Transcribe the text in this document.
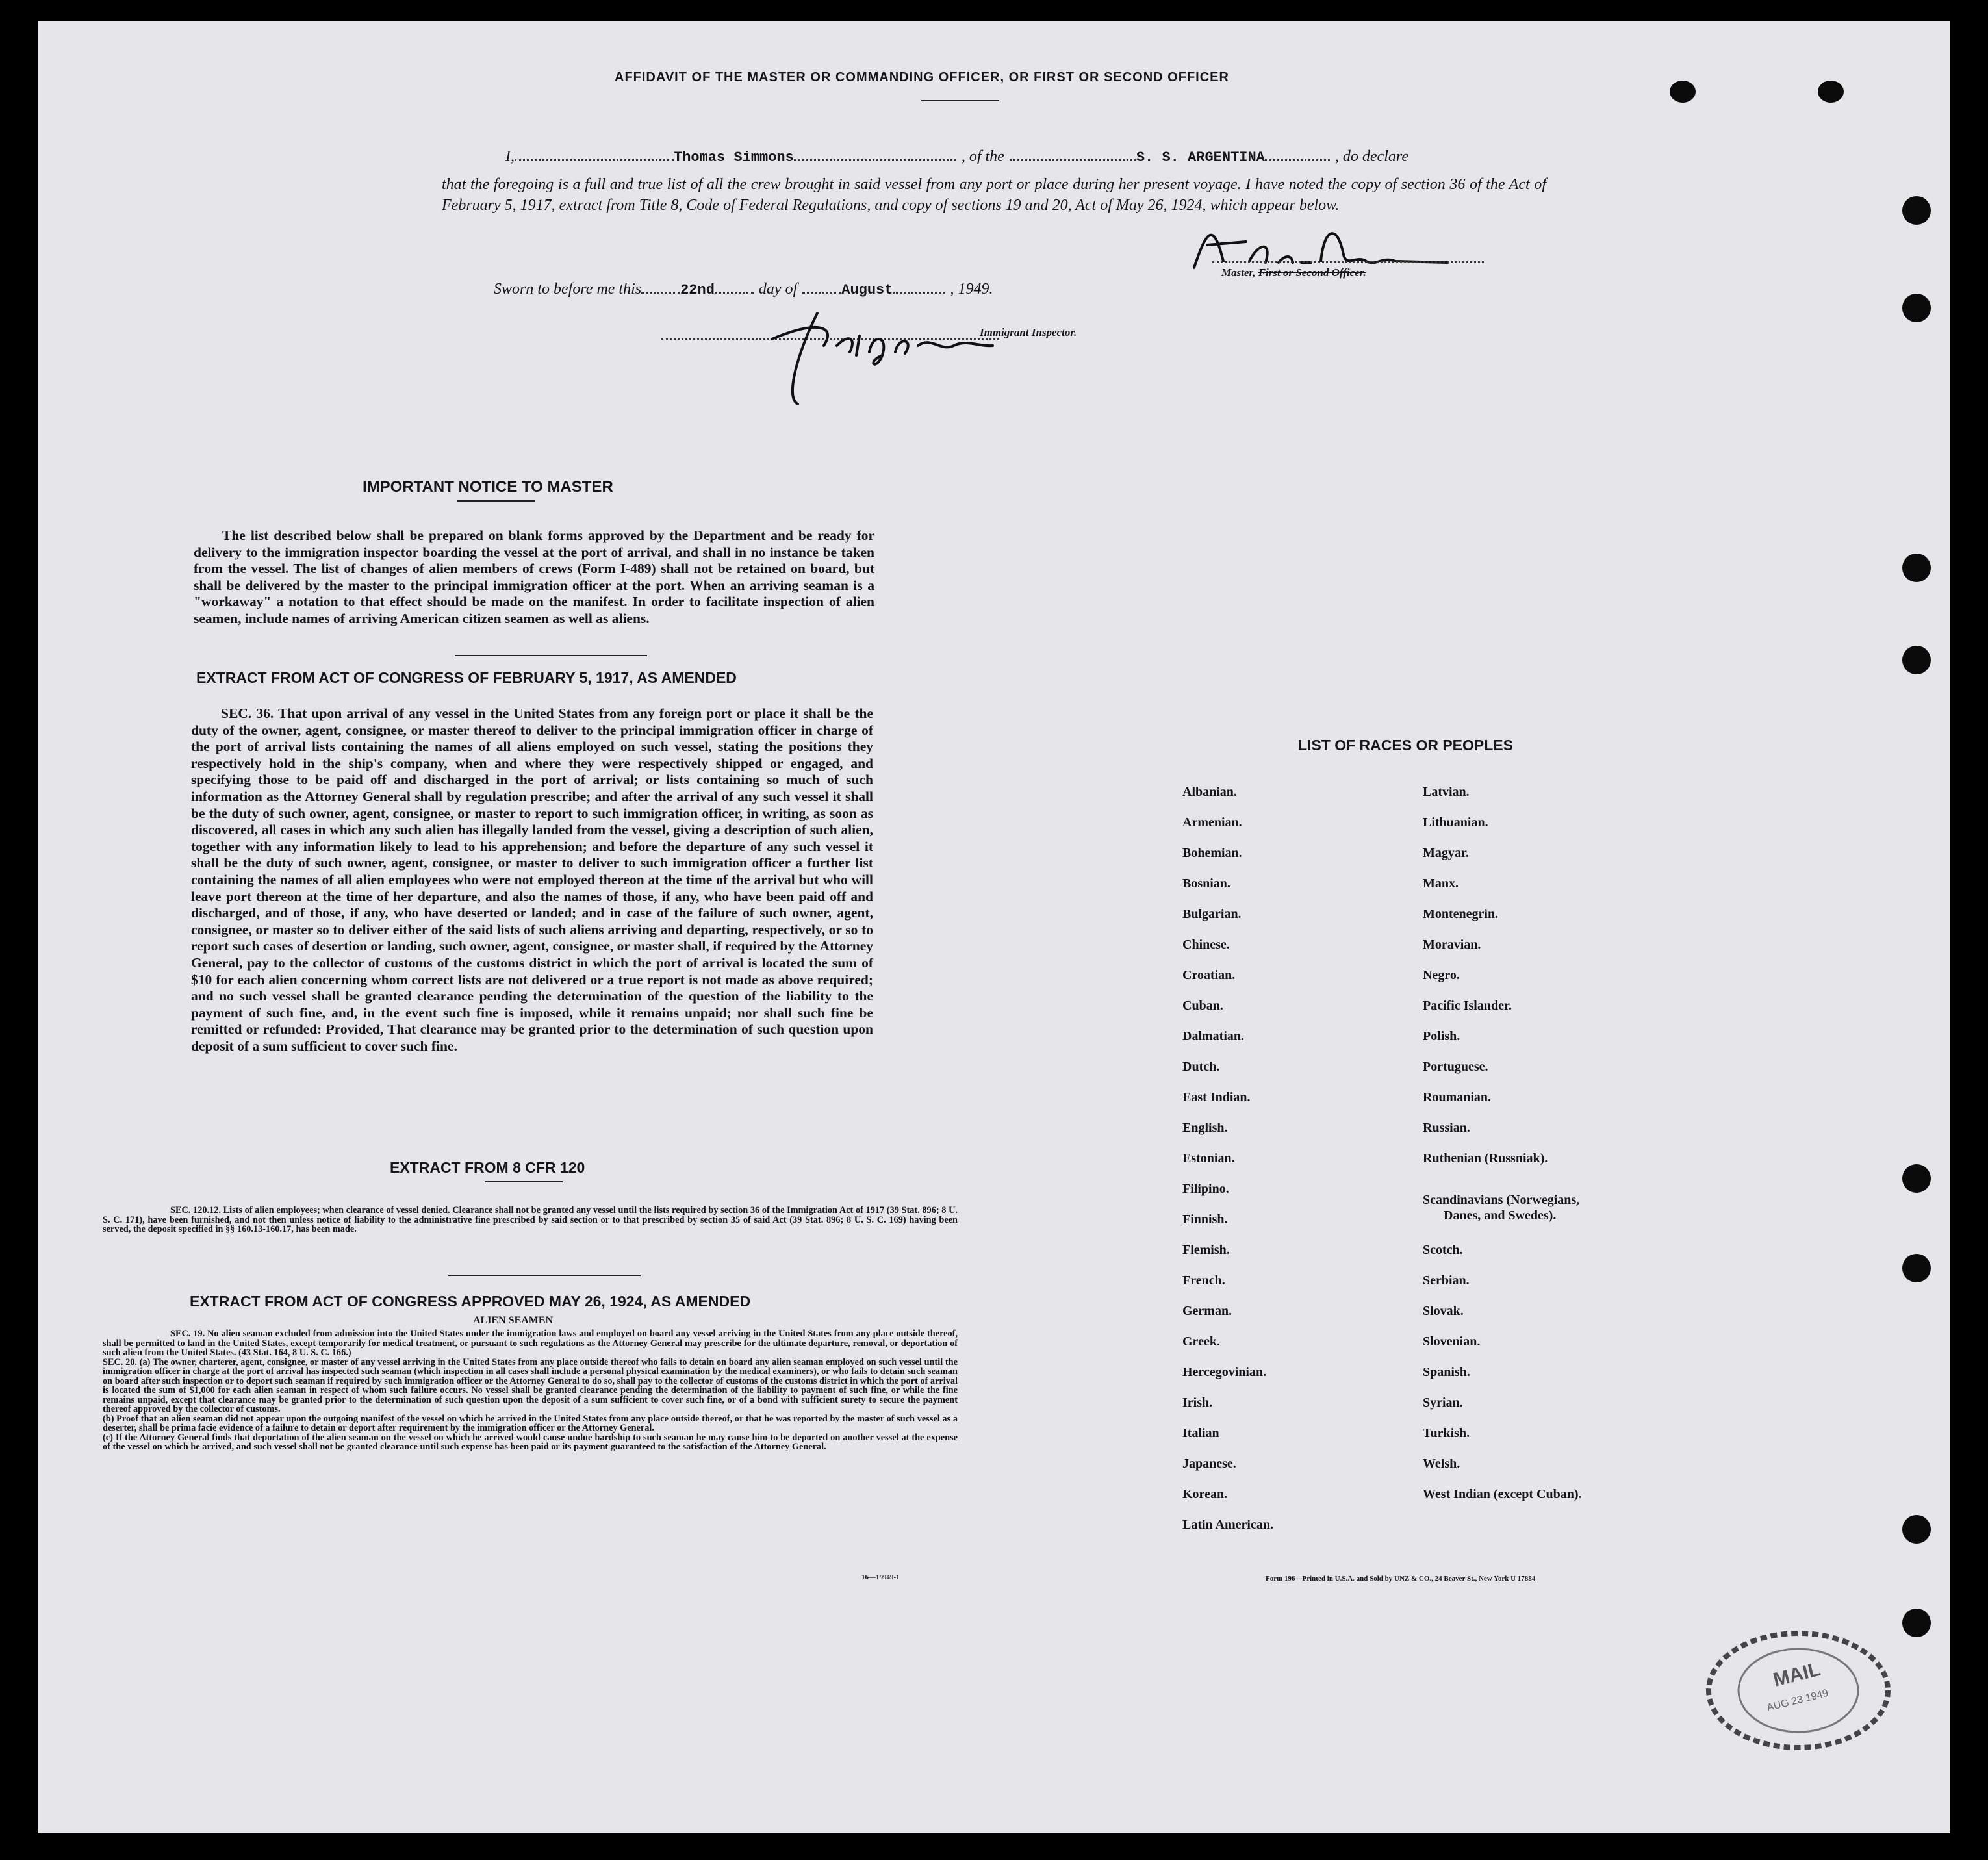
AFFIDAVIT OF THE MASTER OR COMMANDING OFFICER, OR FIRST OR SECOND OFFICER
I,	Thomas Simmons	, of the	S. S. ARGENTINA	, do declare
that the foregoing is a full and true list of all the crew brought in said vessel from any port or place during her present voyage. I have noted the copy of section 36 of the Act of February 5, 1917, extract from Title 8, Code of Federal Regulations, and copy of sections 19 and 20, Act of May 26, 1924, which appear below.
Master, First or Second Officer.
Sworn to before me this	22nd	day of	August	, 1949.
Immigrant Inspector.
IMPORTANT NOTICE TO MASTER
The list described below shall be prepared on blank forms approved by the Department and be ready for delivery to the immigration inspector boarding the vessel at the port of arrival, and shall in no instance be taken from the vessel. The list of changes of alien members of crews (Form I-489) shall not be retained on board, but shall be delivered by the master to the principal immigration officer at the port. When an arriving seaman is a "workaway" a notation to that effect should be made on the manifest. In order to facilitate inspection of alien seamen, include names of arriving American citizen seamen as well as aliens.
EXTRACT FROM ACT OF CONGRESS OF FEBRUARY 5, 1917, AS AMENDED
SEC. 36. That upon arrival of any vessel in the United States from any foreign port or place it shall be the duty of the owner, agent, consignee, or master thereof to deliver to the principal immigration officer in charge of the port of arrival lists containing the names of all aliens employed on such vessel, stating the positions they respectively hold in the ship's company, when and where they were respectively shipped or engaged, and specifying those to be paid off and discharged in the port of arrival; or lists containing so much of such information as the Attorney General shall by regulation prescribe; and after the arrival of any such vessel it shall be the duty of such owner, agent, consignee, or master to report to such immigration officer, in writing, as soon as discovered, all cases in which any such alien has illegally landed from the vessel, giving a description of such alien, together with any information likely to lead to his apprehension; and before the departure of any such vessel it shall be the duty of such owner, agent, consignee, or master to deliver to such immigration officer a further list containing the names of all alien employees who were not employed thereon at the time of the arrival but who will leave port thereon at the time of her departure, and also the names of those, if any, who have been paid off and discharged, and of those, if any, who have deserted or landed; and in case of the failure of such owner, agent, consignee, or master so to deliver either of the said lists of such aliens arriving and departing, respectively, or so to report such cases of desertion or landing, such owner, agent, consignee, or master shall, if required by the Attorney General, pay to the collector of customs of the customs district in which the port of arrival is located the sum of $10 for each alien concerning whom correct lists are not delivered or a true report is not made as above required; and no such vessel shall be granted clearance pending the determination of the question of the liability to the payment of such fine, and, in the event such fine is imposed, while it remains unpaid; nor shall such fine be remitted or refunded: Provided, That clearance may be granted prior to the determination of such question upon deposit of a sum sufficient to cover such fine.
EXTRACT FROM 8 CFR 120
SEC. 120.12. Lists of alien employees; when clearance of vessel denied. Clearance shall not be granted any vessel until the lists required by section 36 of the Immigration Act of 1917 (39 Stat. 896; 8 U. S. C. 171), have been furnished, and not then unless notice of liability to the administrative fine prescribed by said section or to that prescribed by section 35 of said Act (39 Stat. 896; 8 U. S. C. 169) having been served, the deposit specified in §§ 160.13-160.17, has been made.
EXTRACT FROM ACT OF CONGRESS APPROVED MAY 26, 1924, AS AMENDED
ALIEN SEAMEN
SEC. 19. No alien seaman excluded from admission into the United States under the immigration laws and employed on board any vessel arriving in the United States from any place outside thereof, shall be permitted to land in the United States, except temporarily for medical treatment, or pursuant to such regulations as the Attorney General may prescribe for the ultimate departure, removal, or deportation of such alien from the United States. (43 Stat. 164, 8 U. S. C. 166.)
SEC. 20. (a) The owner, charterer, agent, consignee, or master of any vessel arriving in the United States from any place outside thereof who fails to detain on board any alien seaman employed on such vessel until the immigration officer in charge at the port of arrival has inspected such seaman (which inspection in all cases shall include a personal physical examination by the medical examiners), or who fails to detain such seaman on board after such inspection or to deport such seaman if required by such immigration officer or the Attorney General to do so, shall pay to the collector of customs of the customs district in which the port of arrival is located the sum of $1,000 for each alien seaman in respect of whom such failure occurs. No vessel shall be granted clearance pending the determination of the liability to payment of such fine, or while the fine remains unpaid, except that clearance may be granted prior to the determination of such question upon the deposit of a sum sufficient to cover such fine, or of a bond with sufficient surety to secure the payment thereof approved by the collector of customs.
(b) Proof that an alien seaman did not appear upon the outgoing manifest of the vessel on which he arrived in the United States from any place outside thereof, or that he was reported by the master of such vessel as a deserter, shall be prima facie evidence of a failure to detain or deport after requirement by the immigration officer or the Attorney General.
(c) If the Attorney General finds that deportation of the alien seaman on the vessel on which he arrived would cause undue hardship to such seaman he may cause him to be deported on another vessel at the expense of the vessel on which he arrived, and such vessel shall not be granted clearance until such expense has been paid or its payment guaranteed to the satisfaction of the Attorney General.
16—19949-1
LIST OF RACES OR PEOPLES
Albanian.
Armenian.
Bohemian.
Bosnian.
Bulgarian.
Chinese.
Croatian.
Cuban.
Dalmatian.
Dutch.
East Indian.
English.
Estonian.
Filipino.
Finnish.
Flemish.
French.
German.
Greek.
Hercegovinian.
Irish.
Italian
Japanese.
Korean.
Latin American.
Latvian.
Lithuanian.
Magyar.
Manx.
Montenegrin.
Moravian.
Negro.
Pacific Islander.
Polish.
Portuguese.
Roumanian.
Russian.
Ruthenian (Russniak).
Scandinavians (Norwegians,
Danes, and Swedes).
Scotch.
Serbian.
Slovak.
Slovenian.
Spanish.
Syrian.
Turkish.
Welsh.
West Indian (except Cuban).
Form 196—Printed in U.S.A. and Sold by UNZ & CO., 24 Beaver St., New York U 17884
MAIL
AUG 23 1949
